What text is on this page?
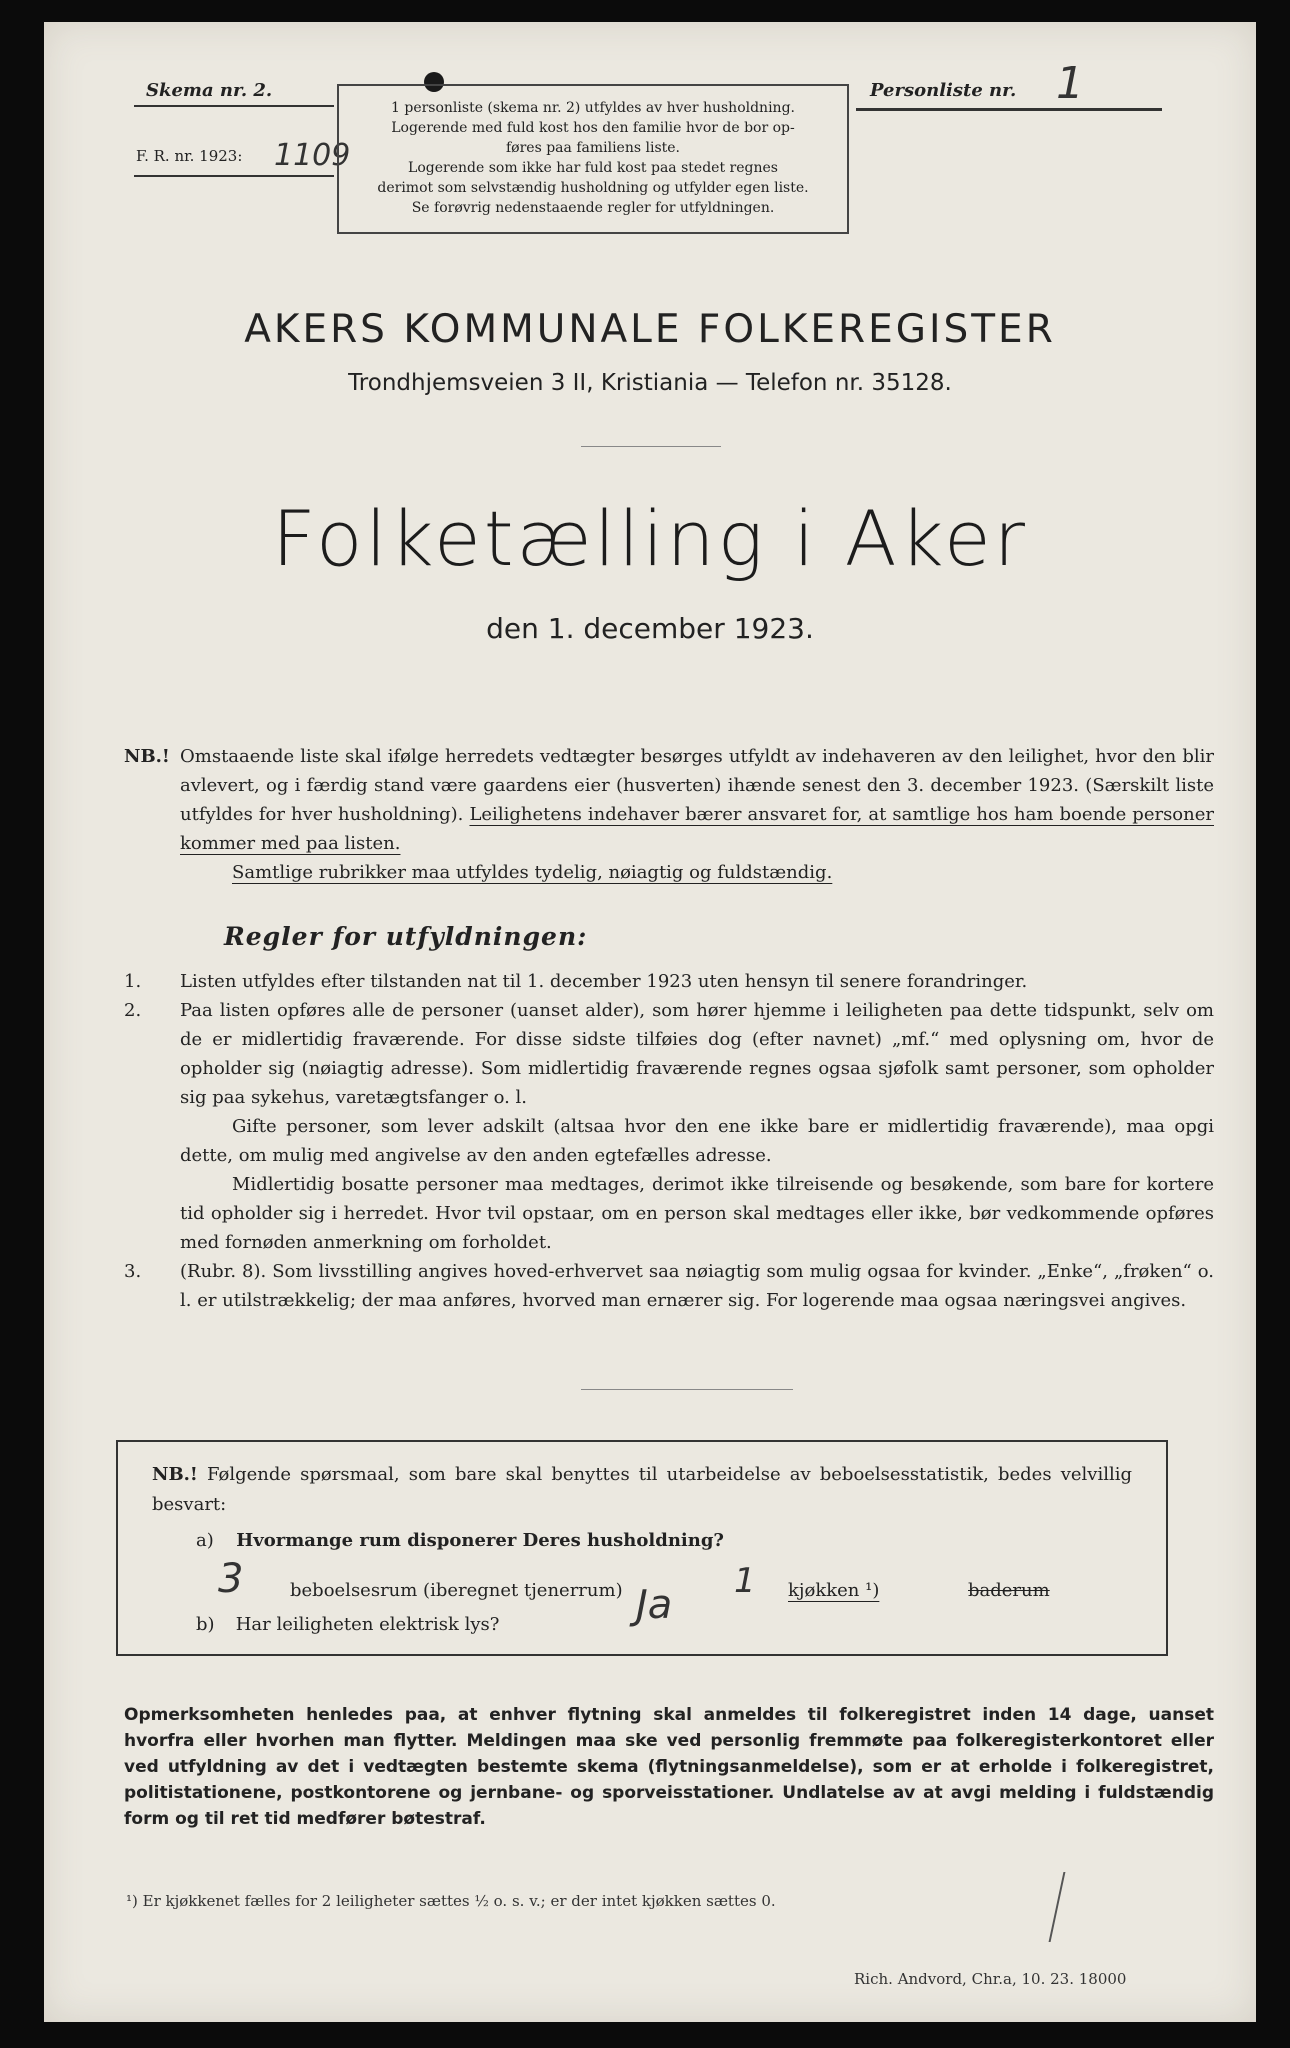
Skema nr. 2.
F. R. nr. 1923: 1109

1 personliste (skema nr. 2) utfyldes av hver husholdning.

Logerende med fuld kost hos den familie hvor de bor op-

føres paa familiens liste.

Logerende som ikke har fuld kost paa stedet regnes

derimot som selvstændig husholdning og utfylder egen liste.

Se forøvrig nedenstaaende regler for utfyldningen.

Personliste nr. 1
AKERS KOMMUNALE FOLKEREGISTER
Trondhjemsveien 3 II, Kristiania — Telefon nr. 35128.
Folketælling i Aker
den 1. december 1923.
NB.! Omstaaende liste skal ifølge herredets vedtægter besørges utfyldt av indehaveren av den leilighet, hvor den blir avlevert, og i færdig stand være gaardens eier (husverten) ihænde senest den 3. december 1923. (Særskilt liste utfyldes for hver husholdning). Leilighetens indehaver bærer ansvaret for, at samtlige hos ham boende personer kommer med paa listen.
Samtlige rubrikker maa utfyldes tydelig, nøiagtig og fuldstændig.
Regler for utfyldningen:
1.	Listen utfyldes efter tilstanden nat til 1. december 1923 uten hensyn til senere forandringer.
2.	Paa listen opføres alle de personer (uanset alder), som hører hjemme i leiligheten paa dette tidspunkt, selv om de er midlertidig fraværende. For disse sidste tilføies dog (efter navnet) „mf.“ med oplysning om, hvor de opholder sig (nøiagtig adresse). Som midlertidig fraværende regnes ogsaa sjøfolk samt personer, som opholder sig paa sykehus, varetægtsfanger o. l.
Gifte personer, som lever adskilt (altsaa hvor den ene ikke bare er midlertidig fraværende), maa opgi dette, om mulig med angivelse av den anden egtefælles adresse.
Midlertidig bosatte personer maa medtages, derimot ikke tilreisende og besøkende, som bare for kortere tid opholder sig i herredet. Hvor tvil opstaar, om en person skal medtages eller ikke, bør vedkommende opføres med fornøden anmerkning om forholdet.
3.	(Rubr. 8). Som livsstilling angives hoved-erhvervet saa nøiagtig som mulig ogsaa for kvinder. „Enke“, „frøken“ o. l. er utilstrækkelig; der maa anføres, hvorved man ernærer sig. For logerende maa ogsaa næringsvei angives.
NB.! Følgende spørsmaal, som bare skal benyttes til utarbeidelse av beboelsesstatistik, bedes velvillig besvart:
a) Hvormange rum disponerer Deres husholdning?
3	beboelsesrum (iberegnet tjenerrum)	1 kjøkken ¹)	baderum
b) Har leiligheten elektrisk lys?	Ja
Opmerksomheten henledes paa, at enhver flytning skal anmeldes til folkeregistret inden 14 dage, uanset hvorfra eller hvorhen man flytter. Meldingen maa ske ved personlig fremmøte paa folkeregisterkontoret eller ved utfyldning av det i vedtægten bestemte skema (flytningsanmeldelse), som er at erholde i folkeregistret, politistationene, postkontorene og jernbane- og sporveisstationer. Undlatelse av at avgi melding i fuldstændig form og til ret tid medfører bøtestraf.
¹) Er kjøkkenet fælles for 2 leiligheter sættes ½ o. s. v.; er der intet kjøkken sættes 0.
Rich. Andvord, Chr.a, 10. 23. 18000
